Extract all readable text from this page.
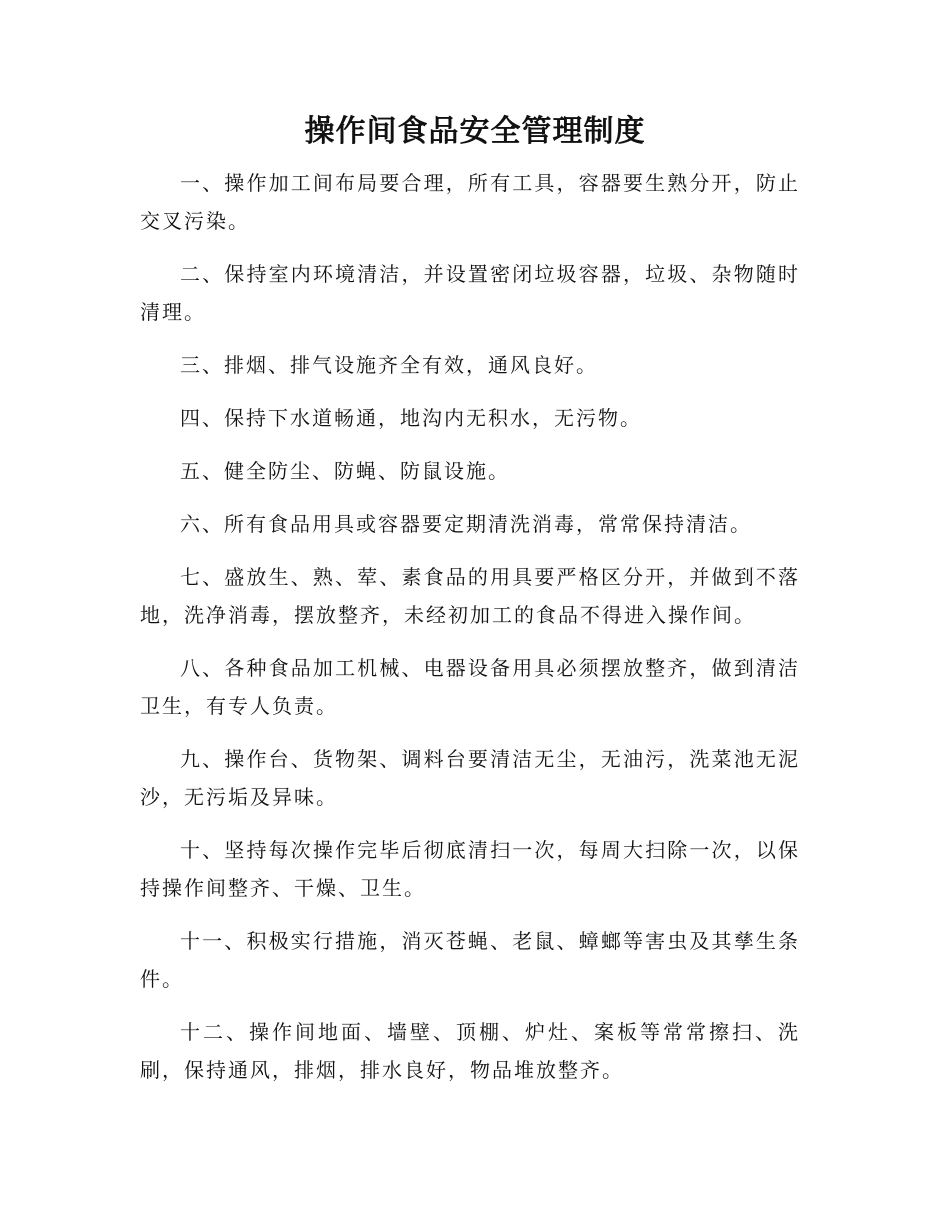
操作间食品安全管理制度

一、操作加工间布局要合理，所有工具，容器要生熟分开，防止交叉污染。

二、保持室内环境清洁，并设置密闭垃圾容器，垃圾、杂物随时清理。

三、排烟、排气设施齐全有效，通风良好。

四、保持下水道畅通，地沟内无积水，无污物。

五、健全防尘、防蝇、防鼠设施。

六、所有食品用具或容器要定期清洗消毒，常常保持清洁。

七、盛放生、熟、荤、素食品的用具要严格区分开，并做到不落地，洗净消毒，摆放整齐，未经初加工的食品不得进入操作间。

八、各种食品加工机械、电器设备用具必须摆放整齐，做到清洁卫生，有专人负责。

九、操作台、货物架、调料台要清洁无尘，无油污，洗菜池无泥沙，无污垢及异味。

十、坚持每次操作完毕后彻底清扫一次，每周大扫除一次，以保持操作间整齐、干燥、卫生。

十一、积极实行措施，消灭苍蝇、老鼠、蟑螂等害虫及其孳生条件。

十二、操作间地面、墙壁、顶棚、炉灶、案板等常常擦扫、洗刷，保持通风，排烟，排水良好，物品堆放整齐。
